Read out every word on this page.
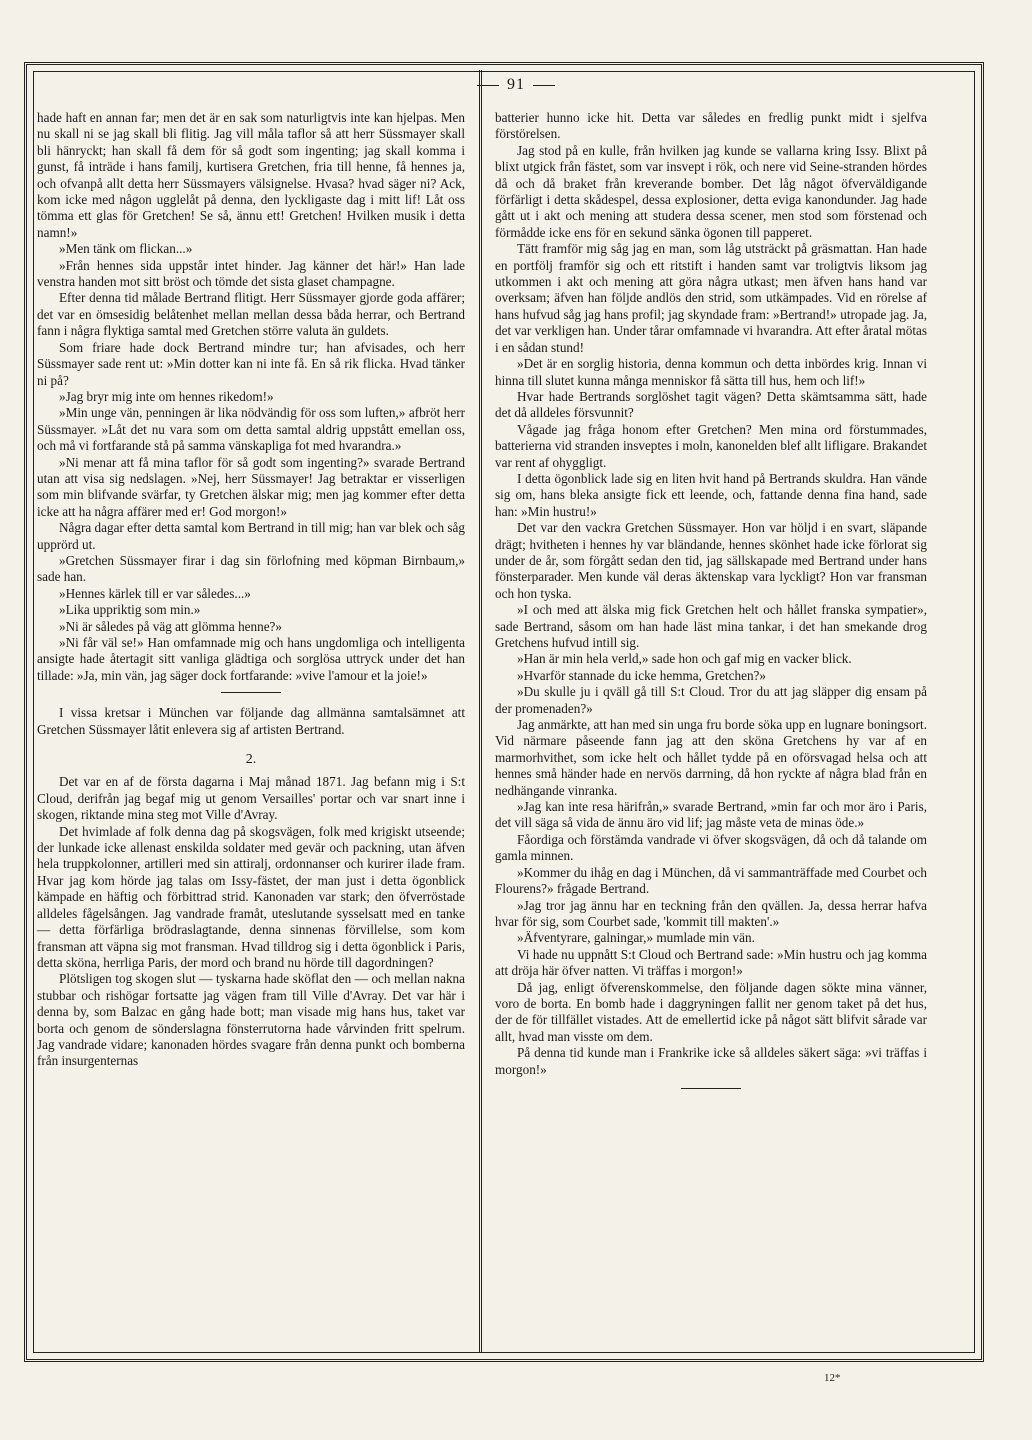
91

hade haft en annan far; men det är en sak som naturligtvis inte kan hjelpas. Men nu skall ni se jag skall bli flitig. Jag vill måla taflor så att herr Süssmayer skall bli hänryckt; han skall få dem för så godt som ingenting; jag skall komma i gunst, få inträde i hans familj, kurtisera Gretchen, fria till henne, få hennes ja, och ofvanpå allt detta herr Süssmayers välsignelse. Hvasa? hvad säger ni? Ack, kom icke med någon ugglelåt på denna, den lyckligaste dag i mitt lif! Låt oss tömma ett glas för Gretchen! Se så, ännu ett! Gretchen! Hvilken musik i detta namn!»

»Men tänk om flickan...»

»Från hennes sida uppstår intet hinder. Jag känner det här!» Han lade venstra handen mot sitt bröst och tömde det sista glaset champagne.

Efter denna tid målade Bertrand flitigt. Herr Süssmayer gjorde goda affärer; det var en ömsesidig belåtenhet mellan mellan dessa båda herrar, och Bertrand fann i några flyktiga samtal med Gretchen större valuta än guldets.

Som friare hade dock Bertrand mindre tur; han afvisades, och herr Süssmayer sade rent ut: »Min dotter kan ni inte få. En så rik flicka. Hvad tänker ni på?

»Jag bryr mig inte om hennes rikedom!»

»Min unge vän, penningen är lika nödvändig för oss som luften,» afbröt herr Süssmayer. »Låt det nu vara som om detta samtal aldrig uppstått emellan oss, och må vi fortfarande stå på samma vänskapliga fot med hvarandra.»

»Ni menar att få mina taflor för så godt som ingenting?» svarade Bertrand utan att visa sig nedslagen. »Nej, herr Süssmayer! Jag betraktar er visserligen som min blifvande svärfar, ty Gretchen älskar mig; men jag kommer efter detta icke att ha några affärer med er! God morgon!»

Några dagar efter detta samtal kom Bertrand in till mig; han var blek och såg upprörd ut.

»Gretchen Süssmayer firar i dag sin förlofning med köpman Birnbaum,» sade han.

»Hennes kärlek till er var således...»

»Lika uppriktig som min.»

»Ni är således på väg att glömma henne?»

»Ni får väl se!» Han omfamnade mig och hans ungdomliga och intelligenta ansigte hade återtagit sitt vanliga glädtiga och sorglösa uttryck under det han tillade: »Ja, min vän, jag säger dock fortfarande: »vive l'amour et la joie!»

I vissa kretsar i München var följande dag allmänna samtalsämnet att Gretchen Süssmayer låtit enlevera sig af artisten Bertrand.

2.

Det var en af de första dagarna i Maj månad 1871. Jag befann mig i S:t Cloud, derifrån jag begaf mig ut genom Versailles' portar och var snart inne i skogen, riktande mina steg mot Ville d'Avray.

Det hvimlade af folk denna dag på skogsvägen, folk med krigiskt utseende; der lunkade icke allenast enskilda soldater med gevär och packning, utan äfven hela truppkolonner, artilleri med sin attiralj, ordonnanser och kurirer ilade fram. Hvar jag kom hörde jag talas om Issy-fästet, der man just i detta ögonblick kämpade en häftig och förbittrad strid. Kanonaden var stark; den öfverröstade alldeles fågelsången. Jag vandrade framåt, uteslutande sysselsatt med en tanke — detta förfärliga brödraslagtande, denna sinnenas förvillelse, som kom fransman att väpna sig mot fransman. Hvad tilldrog sig i detta ögonblick i Paris, detta sköna, herrliga Paris, der mord och brand nu hörde till dagordningen?

Plötsligen tog skogen slut — tyskarna hade sköflat den — och mellan nakna stubbar och rishögar fortsatte jag vägen fram till Ville d'Avray. Det var här i denna by, som Balzac en gång hade bott; man visade mig hans hus, taket var borta och genom de sönderslagna fönsterrutorna hade vårvinden fritt spelrum. Jag vandrade vidare; kanonaden hördes svagare från denna punkt och bomberna från insurgenternas

batterier hunno icke hit. Detta var således en fredlig punkt midt i sjelfva förstörelsen.

Jag stod på en kulle, från hvilken jag kunde se vallarna kring Issy. Blixt på blixt utgick från fästet, som var insvept i rök, och nere vid Seine-stranden hördes då och då braket från kreverande bomber. Det låg något öfverväldigande förfärligt i detta skådespel, dessa explosioner, detta eviga kanondunder. Jag hade gått ut i akt och mening att studera dessa scener, men stod som förstenad och förmådde icke ens för en sekund sänka ögonen till papperet.

Tätt framför mig såg jag en man, som låg utsträckt på gräsmattan. Han hade en portfölj framför sig och ett ritstift i handen samt var troligtvis liksom jag utkommen i akt och mening att göra några utkast; men äfven hans hand var overksam; äfven han följde andlös den strid, som utkämpades. Vid en rörelse af hans hufvud såg jag hans profil; jag skyndade fram: »Bertrand!» utropade jag. Ja, det var verkligen han. Under tårar omfamnade vi hvarandra. Att efter åratal mötas i en sådan stund!

»Det är en sorglig historia, denna kommun och detta inbördes krig. Innan vi hinna till slutet kunna många menniskor få sätta till hus, hem och lif!»

Hvar hade Bertrands sorglöshet tagit vägen? Detta skämtsamma sätt, hade det då alldeles försvunnit?

Vågade jag fråga honom efter Gretchen? Men mina ord förstummades, batterierna vid stranden insveptes i moln, kanonelden blef allt lifligare. Brakandet var rent af ohyggligt.

I detta ögonblick lade sig en liten hvit hand på Bertrands skuldra. Han vände sig om, hans bleka ansigte fick ett leende, och, fattande denna fina hand, sade han: »Min hustru!»

Det var den vackra Gretchen Süssmayer. Hon var höljd i en svart, släpande drägt; hvitheten i hennes hy var bländande, hennes skönhet hade icke förlorat sig under de år, som förgått sedan den tid, jag sällskapade med Bertrand under hans fönsterparader. Men kunde väl deras äktenskap vara lyckligt? Hon var fransman och hon tyska.

»I och med att älska mig fick Gretchen helt och hållet franska sympatier», sade Bertrand, såsom om han hade läst mina tankar, i det han smekande drog Gretchens hufvud intill sig.

»Han är min hela verld,» sade hon och gaf mig en vacker blick.

»Hvarför stannade du icke hemma, Gretchen?»

»Du skulle ju i qväll gå till S:t Cloud. Tror du att jag släpper dig ensam på der promenaden?»

Jag anmärkte, att han med sin unga fru borde söka upp en lugnare boningsort. Vid närmare påseende fann jag att den sköna Gretchens hy var af en marmorhvithet, som icke helt och hållet tydde på en oförsvagad helsa och att hennes små händer hade en nervös darrning, då hon ryckte af några blad från en nedhängande vinranka.

»Jag kan inte resa härifrån,» svarade Bertrand, »min far och mor äro i Paris, det vill säga så vida de ännu äro vid lif; jag måste veta de minas öde.»

Fåordiga och förstämda vandrade vi öfver skogsvägen, då och då talande om gamla minnen.

»Kommer du ihåg en dag i München, då vi sammanträffade med Courbet och Flourens?» frågade Bertrand.

»Jag tror jag ännu har en teckning från den qvällen. Ja, dessa herrar hafva hvar för sig, som Courbet sade, 'kommit till makten'.»

»Äfventyrare, galningar,» mumlade min vän.

Vi hade nu uppnått S:t Cloud och Bertrand sade: »Min hustru och jag komma att dröja här öfver natten. Vi träffas i morgon!»

Då jag, enligt öfverenskommelse, den följande dagen sökte mina vänner, voro de borta. En bomb hade i daggryningen fallit ner genom taket på det hus, der de för tillfället vistades. Att de emellertid icke på något sätt blifvit sårade var allt, hvad man visste om dem.

På denna tid kunde man i Frankrike icke så alldeles säkert säga: »vi träffas i morgon!»

12*
